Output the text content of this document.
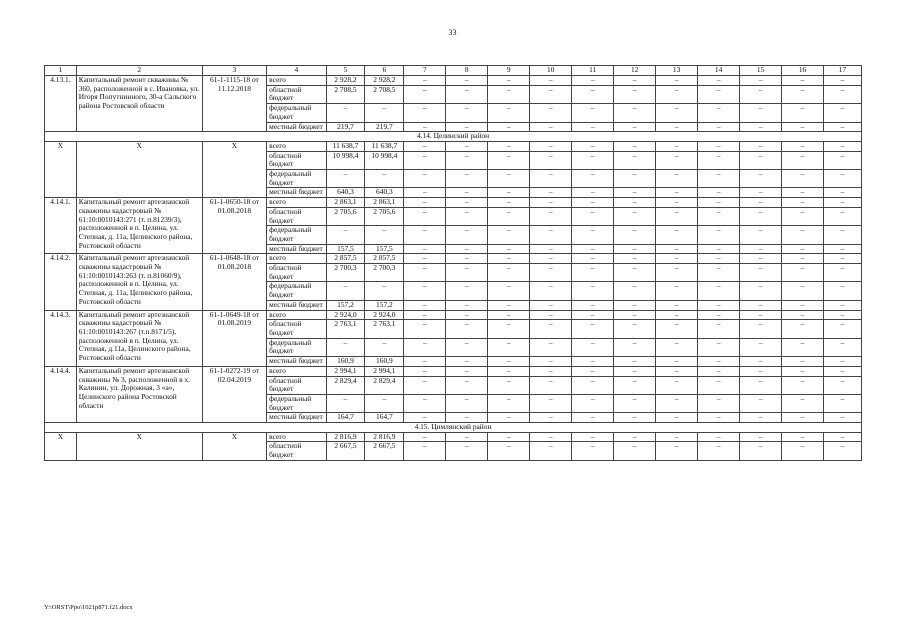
33
1	2	3	4	5	6	7	8	9	10	11	12	13	14	15	16	17
4.13.1.	Капитальный ремонт скважины № 360, расположенной в с. Ивановка, ул. Игоря Попутнинного, 30-а Сальского района Ростовской области	61-1-1115-18 от 11.12.2018	всего	2 928,2	2 928,2	–	–	–	–	–	–	–	–	–	–	–
			областной бюджет	2 708,5	2 708,5	–	–	–	–	–	–	–	–	–	–	–
			федеральный бюджет	–	–	–	–	–	–	–	–	–	–	–	–	–
			местный бюджет	219,7	219,7	–	–	–	–	–	–	–	–	–	–	–
4.14. Целинский район																
Х	Х	Х	всего	11 638,7	11 638,7	–	–	–	–	–	–	–	–	–	–	–
			областной бюджет	10 998,4	10 998,4	–	–	–	–	–	–	–	–	–	–	–
			федеральный бюджет	–	–	–	–	–	–	–	–	–	–	–	–	–
			местный бюджет	640,3	640,3	–	–	–	–	–	–	–	–	–	–	–
4.14.1.	Капитальный ремонт артезианской скважины кадастровый № 61:10:0010143:271 (т. п.81239/3), расположенной в п. Целина, ул. Степная, д. 11а, Целинского района, Ростовской области	61-1-0650-18 от 01.08.2018	всего	2 863,1	2 863,1	–	–	–	–	–	–	–	–	–	–	–
			областной бюджет	2 705,6	2 705,6	–	–	–	–	–	–	–	–	–	–	–
			федеральный бюджет	–	–	–	–	–	–	–	–	–	–	–	–	–
			местный бюджет	157,5	157,5	–	–	–	–	–	–	–	–	–	–	–
4.14.2.	Капитальный ремонт артезианской скважины кадастровый № 61:10:0010143:263 (т. п.81060/9), расположенной в п. Целина, ул. Степная, д. 11а, Целинского района, Ростовской области	61-1-0648-18 от 01.08.2018	всего	2 857,5	2 857,5	–	–	–	–	–	–	–	–	–	–	–
			областной бюджет	2 700,3	2 700,3	–	–	–	–	–	–	–	–	–	–	–
			федеральный бюджет	–	–	–	–	–	–	–	–	–	–	–	–	–
			местный бюджет	157,2	157,2	–	–	–	–	–	–	–	–	–	–	–
4.14.3.	Капитальный ремонт артезианской скважины кадастровый № 61:10:0010143:267 (т.п.8171/5), расположенной в п. Целина, ул. Степная, д.11а, Целинского района, Ростовской области	61-1-0649-18 от 01.08.2019	всего	2 924,0	2 924,0	–	–	–	–	–	–	–	–	–	–	–
			областной бюджет	2 763,1	2 763,1	–	–	–	–	–	–	–	–	–	–	–
			федеральный бюджет	–	–	–	–	–	–	–	–	–	–	–	–	–
			местный бюджет	160,9	160,9	–	–	–	–	–	–	–	–	–	–	–
4.14.4.	Капитальный ремонт артезианской скважины № 3, расположенной в х. Калинин, ул. Дорожная, 3 «а», Целинского района Ростовской области	61-1-0272-19 от 02.04.2019	всего	2 994,1	2 994,1	–	–	–	–	–	–	–	–	–	–	–
			областной бюджет	2 829,4	2 829,4	–	–	–	–	–	–	–	–	–	–	–
			федеральный бюджет	–	–	–	–	–	–	–	–	–	–	–	–	–
			местный бюджет	164,7	164,7	–	–	–	–	–	–	–	–	–	–	–
4.15. Цимлянский район																
Х	Х	Х	всего	2 816,9	2 816,9	–	–	–	–	–	–	–	–	–	–	–
			областной бюджет	2 667,5	2 667,5	–	–	–	–	–	–	–	–	–	–	–
Y:\ORST\Ppo\1021p871.f21.docx
